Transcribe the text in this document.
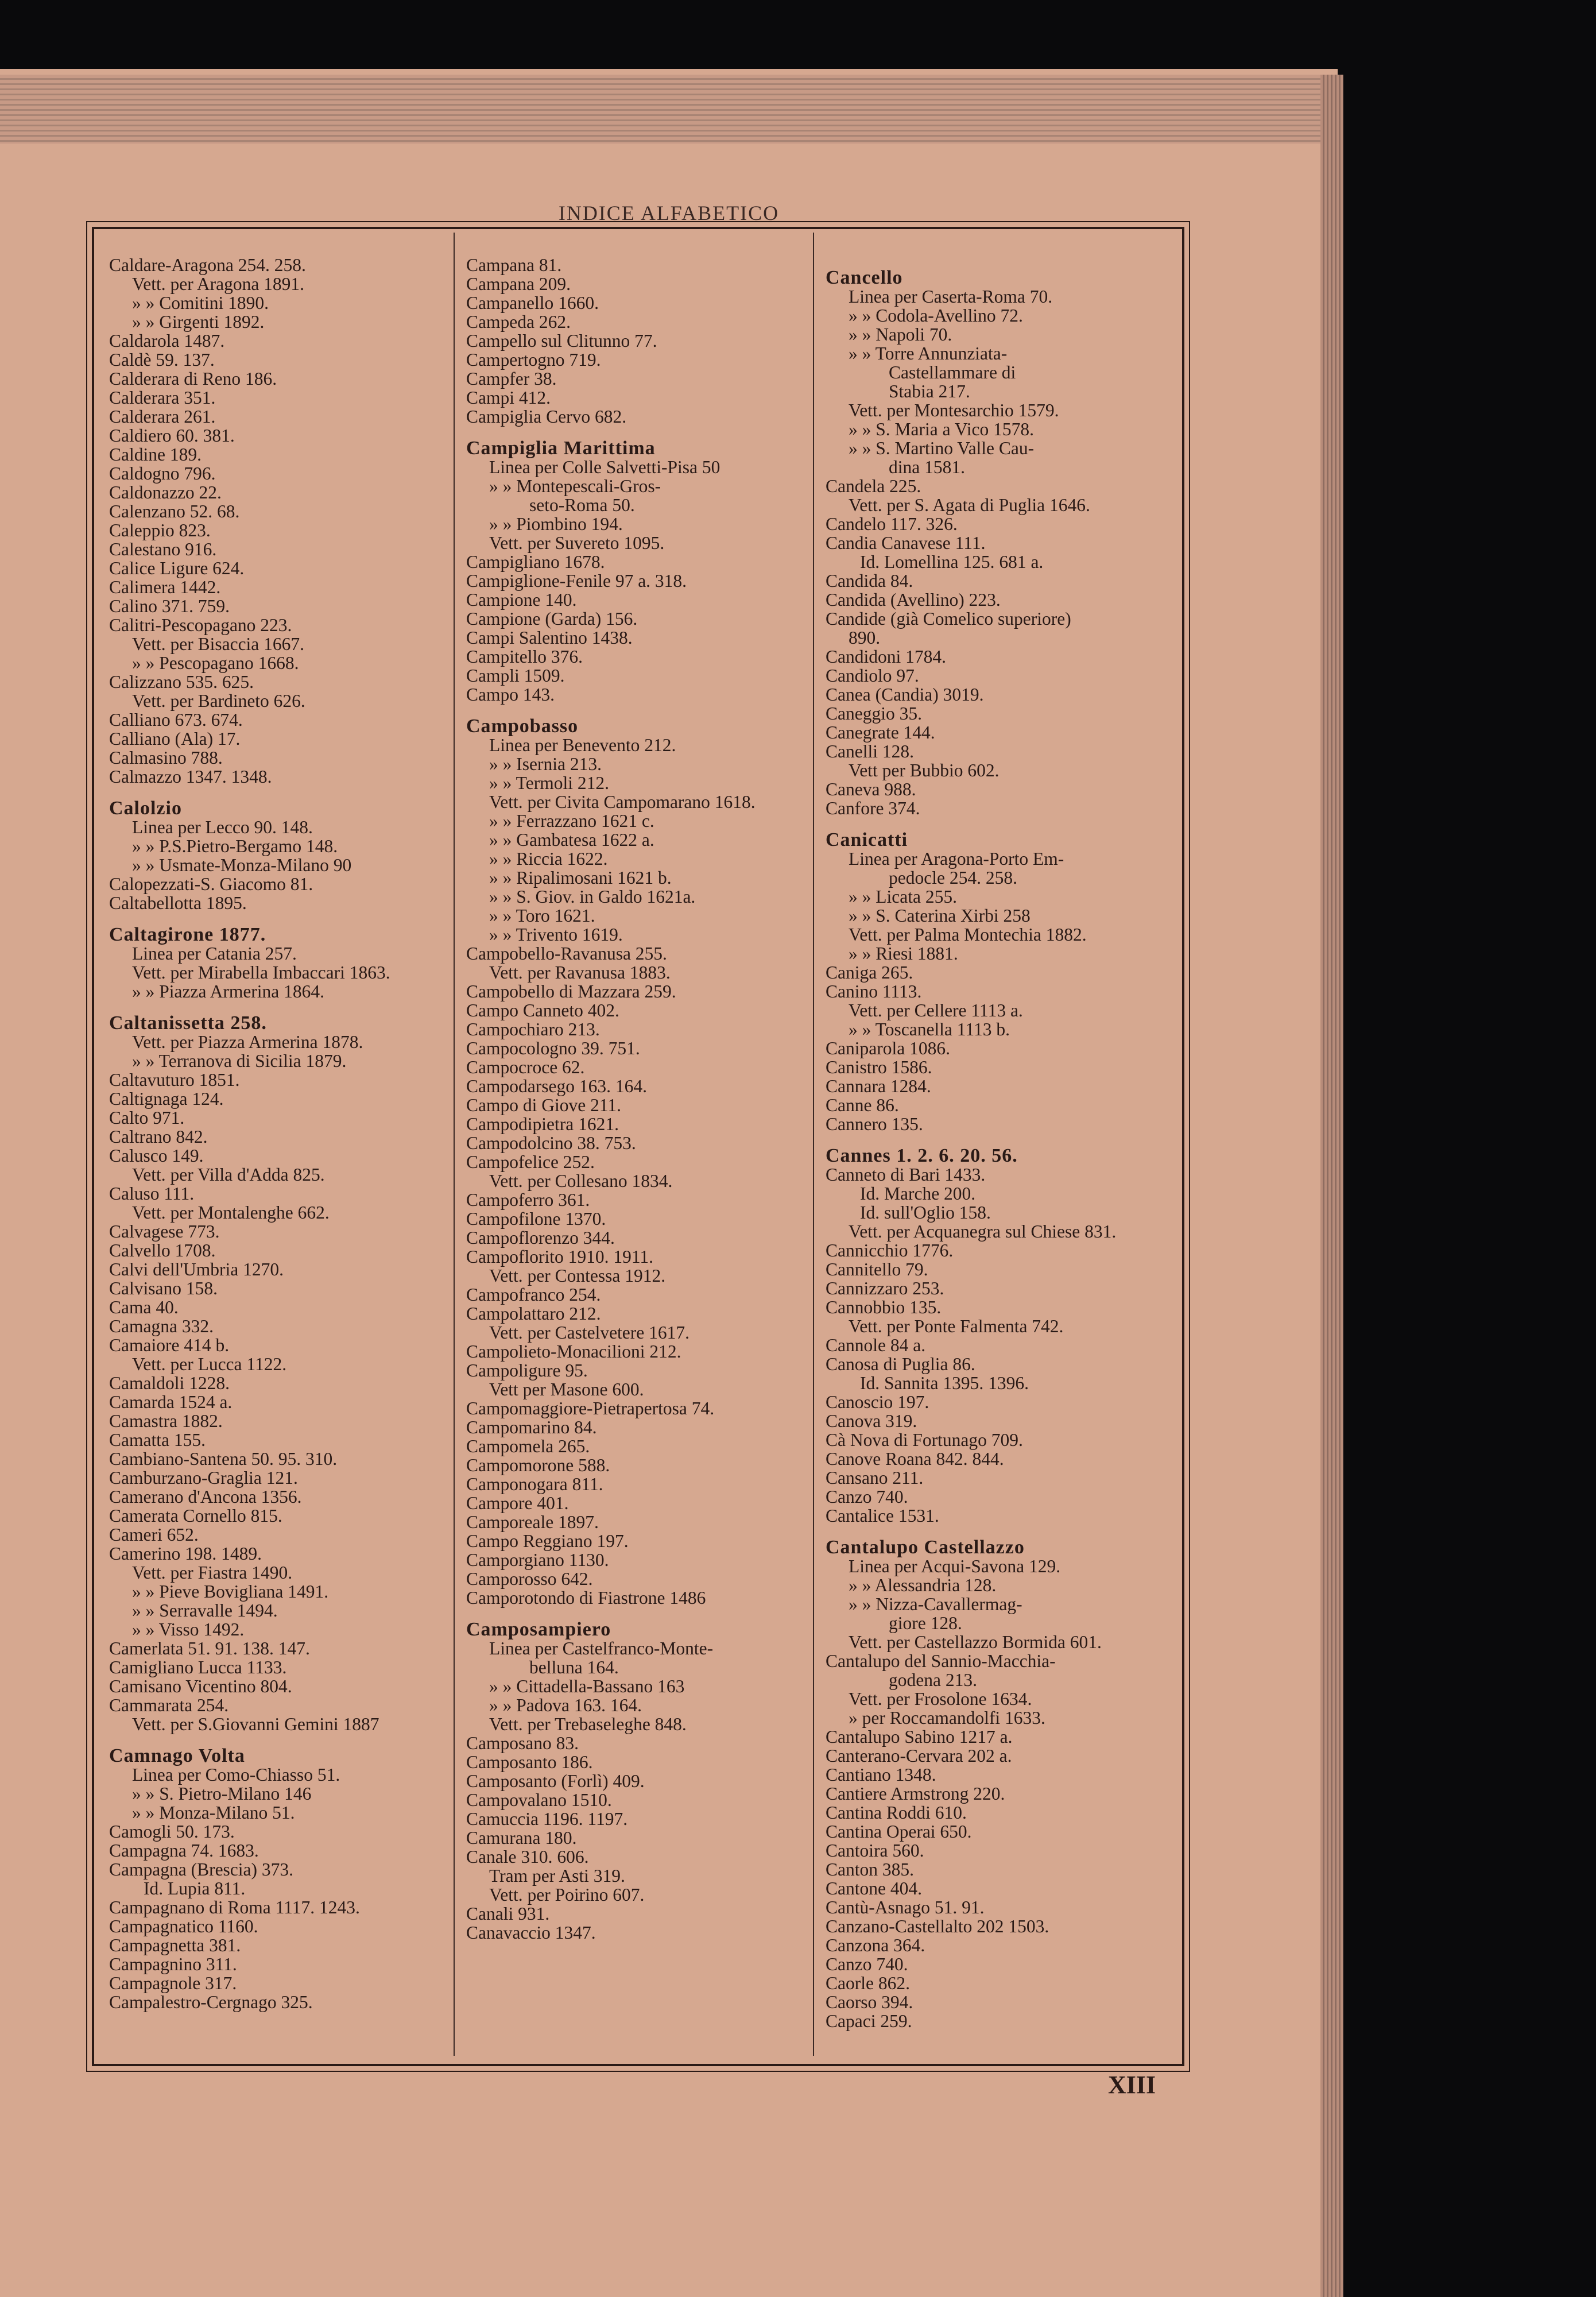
INDICE ALFABETICO
Caldare-Aragona 254. 258.
Vett. per Aragona 1891.
» » Comitini 1890.
» » Girgenti 1892.
Caldarola 1487.
Caldè 59. 137.
Calderara di Reno 186.
Calderara 351.
Calderara 261.
Caldiero 60. 381.
Caldine 189.
Caldogno 796.
Caldonazzo 22.
Calenzano 52. 68.
Caleppio 823.
Calestano 916.
Calice Ligure 624.
Calimera 1442.
Calino 371. 759.
Calitri-Pescopagano 223.
Vett. per Bisaccia 1667.
» » Pescopagano 1668.
Calizzano 535. 625.
Vett. per Bardineto 626.
Calliano 673. 674.
Calliano (Ala) 17.
Calmasino 788.
Calmazzo 1347. 1348.
Calolzio
Linea per Lecco 90. 148.
» » P.S.Pietro-Bergamo 148.
» » Usmate-Monza-Milano 90
Calopezzati-S. Giacomo 81.
Caltabellotta 1895.
Caltagirone 1877.
Linea per Catania 257.
Vett. per Mirabella Imbaccari 1863.
» » Piazza Armerina 1864.
Caltanissetta 258.
Vett. per Piazza Armerina 1878.
» » Terranova di Sicilia 1879.
Caltavuturo 1851.
Caltignaga 124.
Calto 971.
Caltrano 842.
Calusco 149.
Vett. per Villa d'Adda 825.
Caluso 111.
Vett. per Montalenghe 662.
Calvagese 773.
Calvello 1708.
Calvi dell'Umbria 1270.
Calvisano 158.
Cama 40.
Camagna 332.
Camaiore 414 b.
Vett. per Lucca 1122.
Camaldoli 1228.
Camarda 1524 a.
Camastra 1882.
Camatta 155.
Cambiano-Santena 50. 95. 310.
Camburzano-Graglia 121.
Camerano d'Ancona 1356.
Camerata Cornello 815.
Cameri 652.
Camerino 198. 1489.
Vett. per Fiastra 1490.
» » Pieve Bovigliana 1491.
» » Serravalle 1494.
» » Visso 1492.
Camerlata 51. 91. 138. 147.
Camigliano Lucca 1133.
Camisano Vicentino 804.
Cammarata 254.
Vett. per S.Giovanni Gemini 1887
Camnago Volta
Linea per Como-Chiasso 51.
» » S. Pietro-Milano 146
» » Monza-Milano 51.
Camogli 50. 173.
Campagna 74. 1683.
Campagna (Brescia) 373.
Id. Lupia 811.
Campagnano di Roma 1117. 1243.
Campagnatico 1160.
Campagnetta 381.
Campagnino 311.
Campagnole 317.
Campalestro-Cergnago 325.
Campana 81.
Campana 209.
Campanello 1660.
Campeda 262.
Campello sul Clitunno 77.
Campertogno 719.
Campfer 38.
Campi 412.
Campiglia Cervo 682.
Campiglia Marittima
Linea per Colle Salvetti-Pisa 50
» » Montepescali-Gros-
seto-Roma 50.
» » Piombino 194.
Vett. per Suvereto 1095.
Campigliano 1678.
Campiglione-Fenile 97 a. 318.
Campione 140.
Campione (Garda) 156.
Campi Salentino 1438.
Campitello 376.
Campli 1509.
Campo 143.
Campobasso
Linea per Benevento 212.
» » Isernia 213.
» » Termoli 212.
Vett. per Civita Campomarano 1618.
» » Ferrazzano 1621 c.
» » Gambatesa 1622 a.
» » Riccia 1622.
» » Ripalimosani 1621 b.
» » S. Giov. in Galdo 1621a.
» » Toro 1621.
» » Trivento 1619.
Campobello-Ravanusa 255.
Vett. per Ravanusa 1883.
Campobello di Mazzara 259.
Campo Canneto 402.
Campochiaro 213.
Campocologno 39. 751.
Campocroce 62.
Campodarsego 163. 164.
Campo di Giove 211.
Campodipietra 1621.
Campodolcino 38. 753.
Campofelice 252.
Vett. per Collesano 1834.
Campoferro 361.
Campofilone 1370.
Campoflorenzo 344.
Campoflorito 1910. 1911.
Vett. per Contessa 1912.
Campofranco 254.
Campolattaro 212.
Vett. per Castelvetere 1617.
Campolieto-Monacilioni 212.
Campoligure 95.
Vett per Masone 600.
Campomaggiore-Pietrapertosa 74.
Campomarino 84.
Campomela 265.
Campomorone 588.
Camponogara 811.
Campore 401.
Camporeale 1897.
Campo Reggiano 197.
Camporgiano 1130.
Camporosso 642.
Camporotondo di Fiastrone 1486
Camposampiero
Linea per Castelfranco-Monte-
belluna 164.
» » Cittadella-Bassano 163
» » Padova 163. 164.
Vett. per Trebaseleghe 848.
Camposano 83.
Camposanto 186.
Camposanto (Forlì) 409.
Campovalano 1510.
Camuccia 1196. 1197.
Camurana 180.
Canale 310. 606.
Tram per Asti 319.
Vett. per Poirino 607.
Canali 931.
Canavaccio 1347.
Cancello
Linea per Caserta-Roma 70.
» » Codola-Avellino 72.
» » Napoli 70.
» » Torre Annunziata-
Castellammare di
Stabia 217.
Vett. per Montesarchio 1579.
» » S. Maria a Vico 1578.
» » S. Martino Valle Cau-
dina 1581.
Candela 225.
Vett. per S. Agata di Puglia 1646.
Candelo 117. 326.
Candia Canavese 111.
Id. Lomellina 125. 681 a.
Candida 84.
Candida (Avellino) 223.
Candide (già Comelico superiore)
890.
Candidoni 1784.
Candiolo 97.
Canea (Candia) 3019.
Caneggio 35.
Canegrate 144.
Canelli 128.
Vett per Bubbio 602.
Caneva 988.
Canfore 374.
Canicatti
Linea per Aragona-Porto Em-
pedocle 254. 258.
» » Licata 255.
» » S. Caterina Xirbi 258
Vett. per Palma Montechia 1882.
» » Riesi 1881.
Caniga 265.
Canino 1113.
Vett. per Cellere 1113 a.
» » Toscanella 1113 b.
Caniparola 1086.
Canistro 1586.
Cannara 1284.
Canne 86.
Cannero 135.
Cannes 1. 2. 6. 20. 56.
Canneto di Bari 1433.
Id. Marche 200.
Id. sull'Oglio 158.
Vett. per Acquanegra sul Chiese 831.
Cannicchio 1776.
Cannitello 79.
Cannizzaro 253.
Cannobbio 135.
Vett. per Ponte Falmenta 742.
Cannole 84 a.
Canosa di Puglia 86.
Id. Sannita 1395. 1396.
Canoscio 197.
Canova 319.
Cà Nova di Fortunago 709.
Canove Roana 842. 844.
Cansano 211.
Canzo 740.
Cantalice 1531.
Cantalupo Castellazzo
Linea per Acqui-Savona 129.
» » Alessandria 128.
» » Nizza-Cavallermag-
giore 128.
Vett. per Castellazzo Bormida 601.
Cantalupo del Sannio-Macchia-
godena 213.
Vett. per Frosolone 1634.
» per Roccamandolfi 1633.
Cantalupo Sabino 1217 a.
Canterano-Cervara 202 a.
Cantiano 1348.
Cantiere Armstrong 220.
Cantina Roddi 610.
Cantina Operai 650.
Cantoira 560.
Canton 385.
Cantone 404.
Cantù-Asnago 51. 91.
Canzano-Castellalto 202 1503.
Canzona 364.
Canzo 740.
Caorle 862.
Caorso 394.
Capaci 259.
XIII
